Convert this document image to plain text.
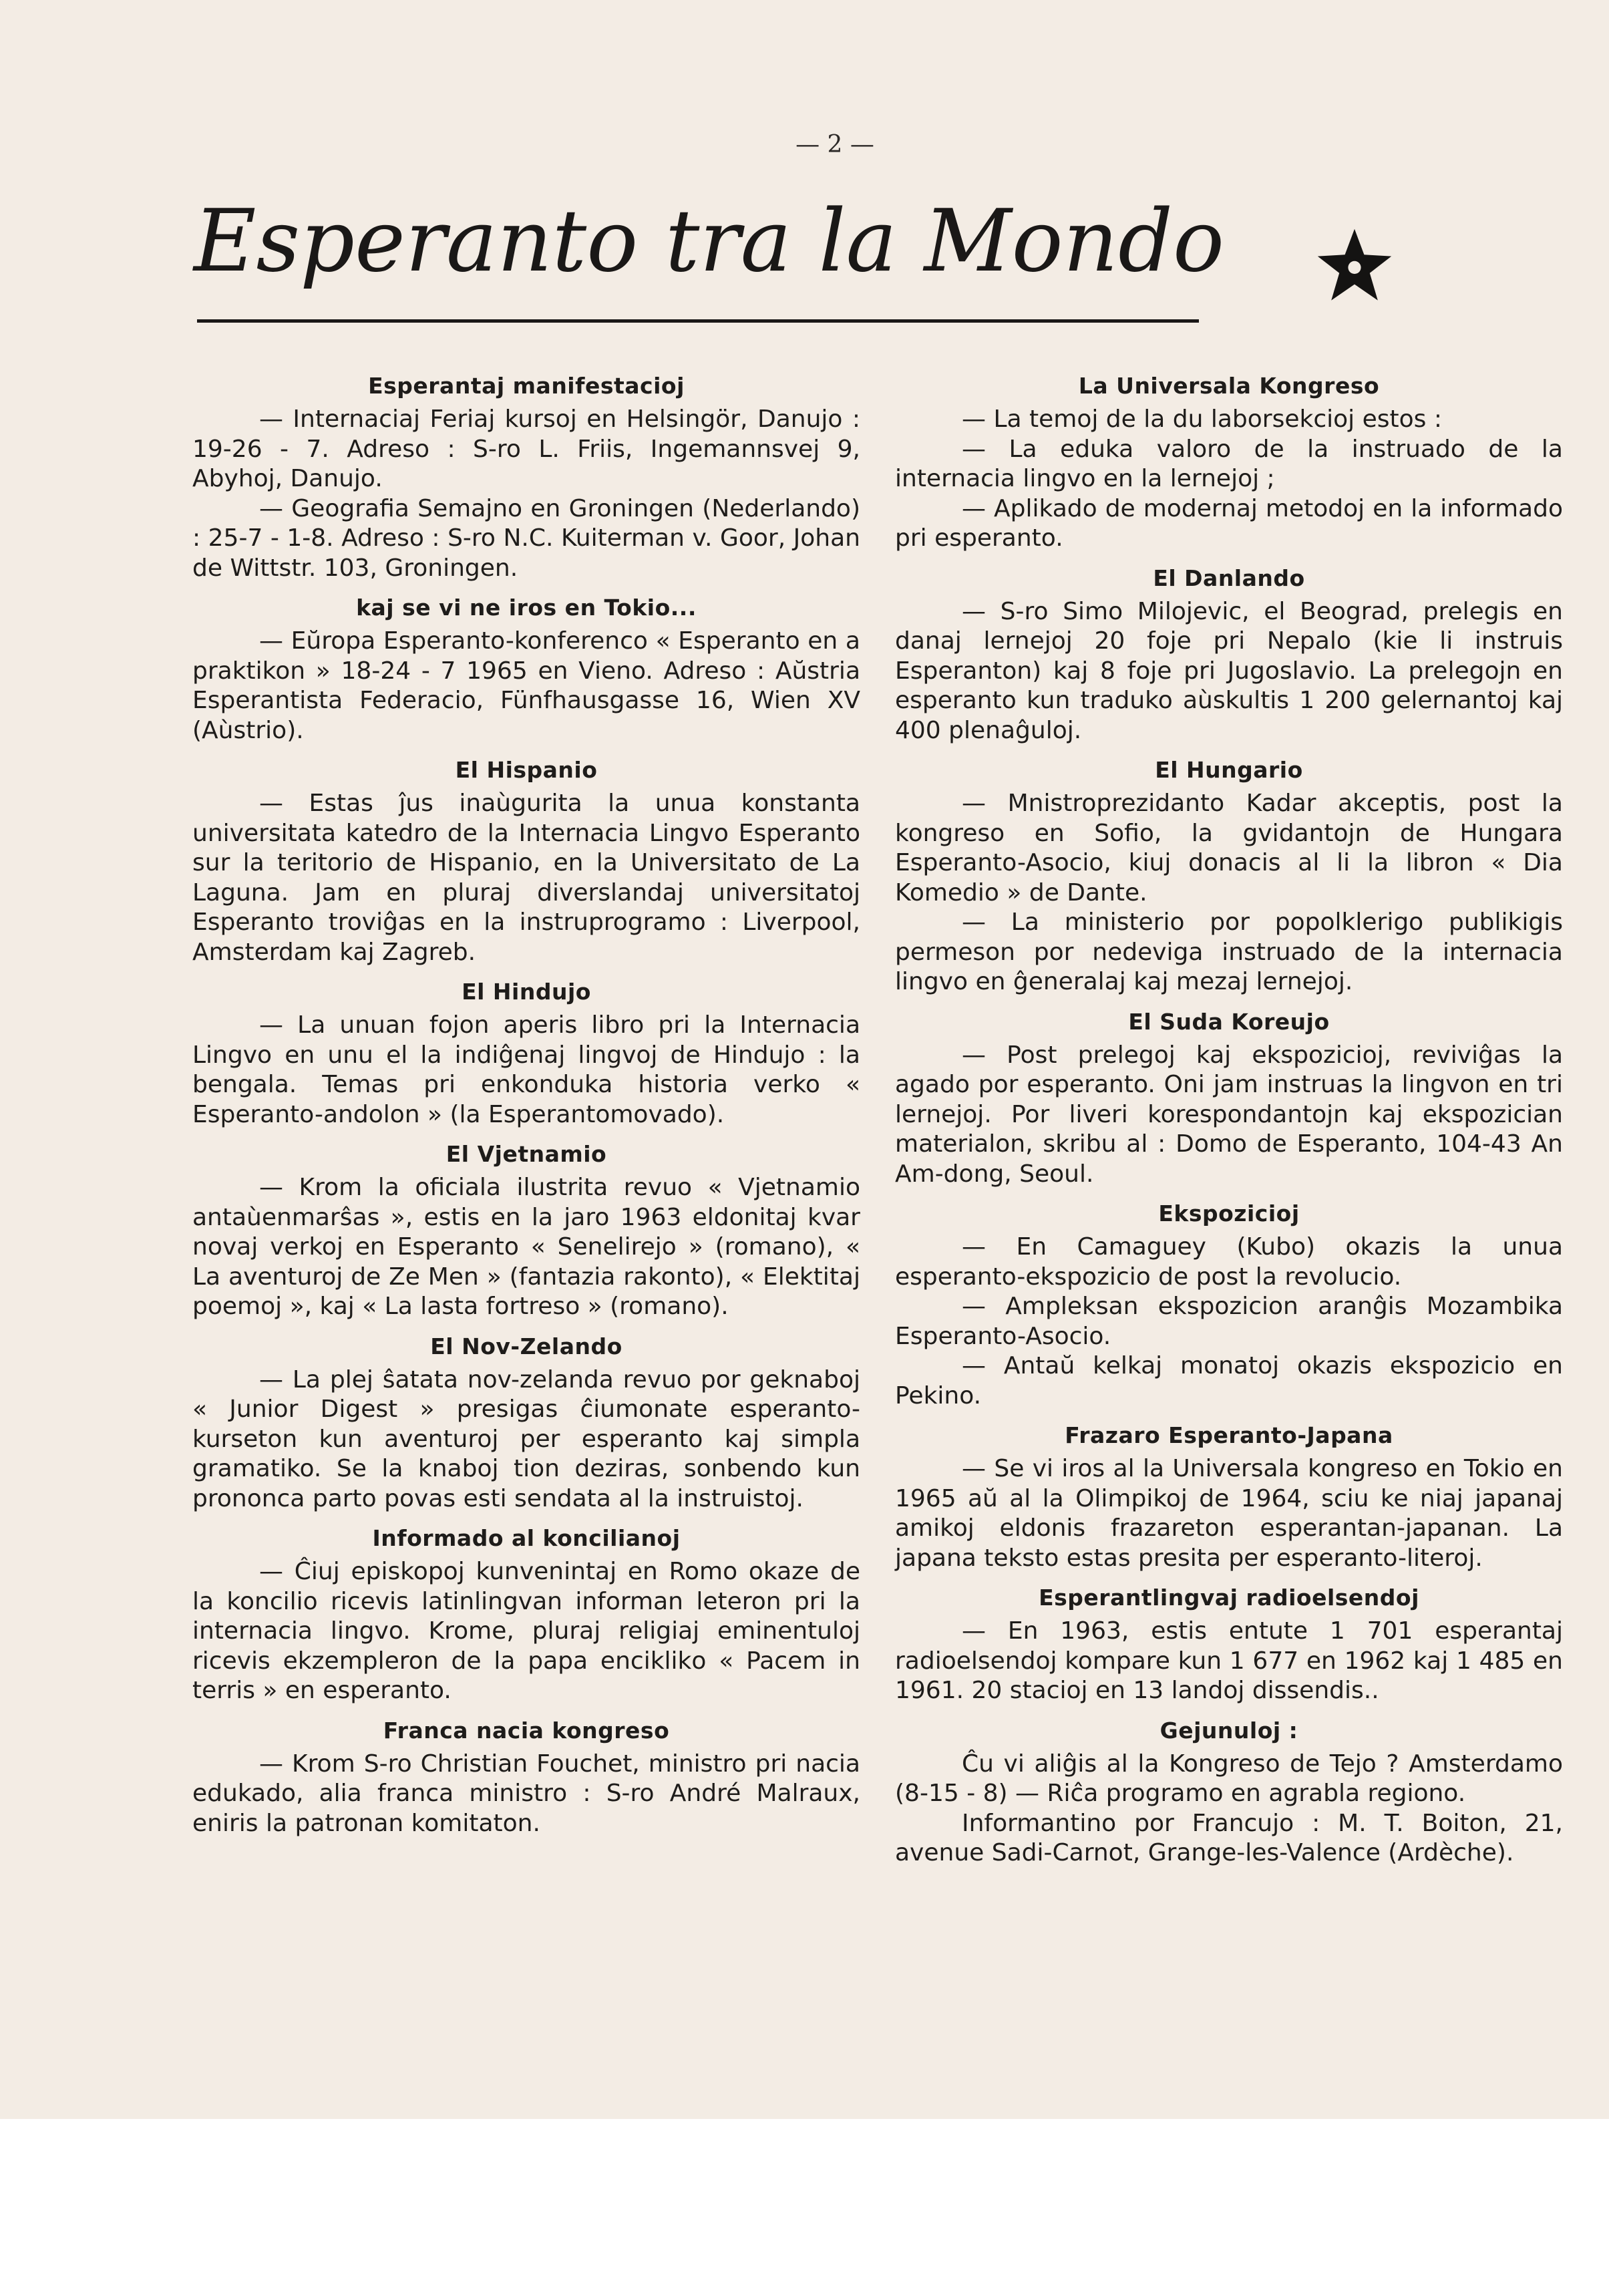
— 2 —
Esperanto tra la Mondo
Esperantaj manifestacioj

— Internaciaj Feriaj kursoj en Helsingör, Danujo : 19-26 - 7. Adreso : S-ro L. Friis, Ingemannsvej 9, Abyhoj, Danujo.

— Geografia Semajno en Groningen (Nederlando) : 25-7 - 1-8. Adreso : S-ro N.C. Kuiterman v. Goor, Johan de Wittstr. 103, Groningen.

kaj se vi ne iros en Tokio...

— Eŭropa Esperanto-konferenco « Esperanto en a praktikon » 18-24 - 7 1965 en Vieno. Adreso : Aŭstria Esperantista Federacio, Fünfhausgasse 16, Wien XV (Aùstrio).

El Hispanio

— Estas ĵus inaùgurita la unua konstanta universitata katedro de la Internacia Lingvo Esperanto sur la teritorio de Hispanio, en la Universitato de La Laguna. Jam en pluraj diverslandaj universitatoj Esperanto troviĝas en la instruprogramo : Liverpool, Amsterdam kaj Zagreb.

El Hindujo

— La unuan fojon aperis libro pri la Internacia Lingvo en unu el la indiĝenaj lingvoj de Hindujo : la bengala. Temas pri enkonduka historia verko « Esperanto-andolon » (la Esperantomovado).

El Vjetnamio

— Krom la oficiala ilustrita revuo « Vjetnamio antaùenmarŝas », estis en la jaro 1963 eldonitaj kvar novaj verkoj en Esperanto « Senelirejo » (romano), « La aventuroj de Ze Men » (fantazia rakonto), « Elektitaj poemoj », kaj « La lasta fortreso » (romano).

El Nov-Zelando

— La plej ŝatata nov-zelanda revuo por geknaboj « Junior Digest » presigas ĉiumonate esperanto-kurseton kun aventuroj per esperanto kaj simpla gramatiko. Se la knaboj tion deziras, sonbendo kun prononca parto povas esti sendata al la instruistoj.

Informado al koncilianoj

— Ĉiuj episkopoj kunvenintaj en Romo okaze de la koncilio ricevis latinlingvan informan leteron pri la internacia lingvo. Krome, pluraj religiaj eminentuloj ricevis ekzempleron de la papa enciklikо « Pacem in terris » en esperanto.

Franca nacia kongreso

— Krom S-ro Christian Fouchet, ministro pri nacia edukado, alia franca ministro : S-ro André Malraux, eniris la patronan komitaton.

La Universala Kongreso

— La temoj de la du laborsekcioj estos :

— La eduka valoro de la instruado de la internacia lingvo en la lernejoj ;

— Aplikado de modernaj metodoj en la informado pri esperanto.

El Danlando

— S-ro Simo Milojevic, el Beograd, prelegis en danaj lernejoj 20 foje pri Nepalo (kie li instruis Esperanton) kaj 8 foje pri Jugoslavio. La prelegojn en esperanto kun traduko aùskultis 1 200 gelernantoj kaj 400 plenaĝuloj.

El Hungario

— Mnistroprezidanto Kadar akceptis, post la kongreso en Sofio, la gvidantojn de Hungara Esperanto-Asocio, kiuj donacis al li la libron « Dia Komedio » de Dante.

— La ministerio por popolklerigo publikigis permeson por nedeviga instruado de la internacia lingvo en ĝeneralaj kaj mezaj lernejoj.

El Suda Koreujo

— Post prelegoj kaj ekspozicioj, reviviĝas la agado por esperanto. Oni jam instruas la lingvon en tri lernejoj. Por liveri korespondantojn kaj ekspozician materialon, skribu al : Domo de Esperanto, 104-43 An Am-dong, Seoul.

Ekspozicioj

— En Camaguey (Kubo) okazis la unua esperanto-ekspozicio de post la revolucio.

— Ampleksan ekspozicion aranĝis Mozambika Esperanto-Asocio.

— Antaŭ kelkaj monatoj okazis ekspozicio en Pekino.

Frazaro Esperanto-Japana

— Se vi iros al la Universala kongreso en Tokio en 1965 aŭ al la Olimpikoj de 1964, sciu ke niaj japanaj amikoj eldonis frazareton esperantan-japanan. La japana teksto estas presita per esperanto-literoj.

Esperantlingvaj radioelsendoj

— En 1963, estis entute 1 701 esperantaj radioelsendoj kompare kun 1 677 en 1962 kaj 1 485 en 1961. 20 stacioj en 13 landoj dissendis..

Gejunuloj :

Ĉu vi aliĝis al la Kongreso de Tejo ? Amsterdamo (8-15 - 8) — Riĉa programo en agrabla regiono.

Informantino por Francujo : M. T. Boiton, 21, avenue Sadi-Carnot, Grange-les-Valence (Ardèche).
